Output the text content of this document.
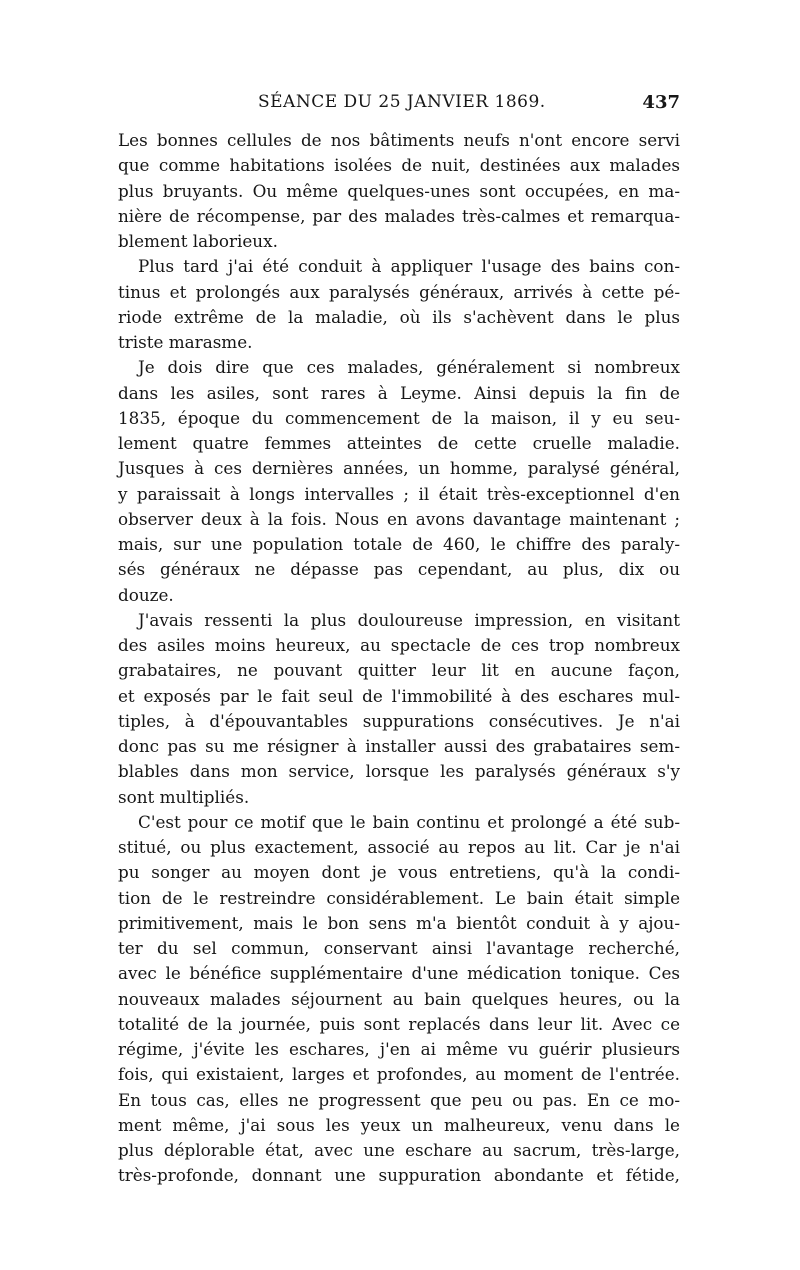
SÉANCE DU 25 JANVIER 1869.	437
Les bonnes cellules de nos bâtiments neufs n'ont encore servi
que comme habitations isolées de nuit, destinées aux malades
plus bruyants. Ou même quelques-unes sont occupées, en ma-
nière de récompense, par des malades très-calmes et remarqua-
blement laborieux.
Plus tard j'ai été conduit à appliquer l'usage des bains con-
tinus et prolongés aux paralysés généraux, arrivés à cette pé-
riode extrême de la maladie, où ils s'achèvent dans le plus
triste marasme.
Je dois dire que ces malades, généralement si nombreux
dans les asiles, sont rares à Leyme. Ainsi depuis la fin de
1835, époque du commencement de la maison, il y eu seu-
lement quatre femmes atteintes de cette cruelle maladie.
Jusques à ces dernières années, un homme, paralysé général,
y paraissait à longs intervalles ; il était très-exceptionnel d'en
observer deux à la fois. Nous en avons davantage maintenant ;
mais, sur une population totale de 460, le chiffre des paraly-
sés généraux ne dépasse pas cependant, au plus, dix ou
douze.
J'avais ressenti la plus douloureuse impression, en visitant
des asiles moins heureux, au spectacle de ces trop nombreux
grabataires, ne pouvant quitter leur lit en aucune façon,
et exposés par le fait seul de l'immobilité à des eschares mul-
tiples, à d'épouvantables suppurations consécutives. Je n'ai
donc pas su me résigner à installer aussi des grabataires sem-
blables dans mon service, lorsque les paralysés généraux s'y
sont multipliés.
C'est pour ce motif que le bain continu et prolongé a été sub-
stitué, ou plus exactement, associé au repos au lit. Car je n'ai
pu songer au moyen dont je vous entretiens, qu'à la condi-
tion de le restreindre considérablement. Le bain était simple
primitivement, mais le bon sens m'a bientôt conduit à y ajou-
ter du sel commun, conservant ainsi l'avantage recherché,
avec le bénéfice supplémentaire d'une médication tonique. Ces
nouveaux malades séjournent au bain quelques heures, ou la
totalité de la journée, puis sont replacés dans leur lit. Avec ce
régime, j'évite les eschares, j'en ai même vu guérir plusieurs
fois, qui existaient, larges et profondes, au moment de l'entrée.
En tous cas, elles ne progressent que peu ou pas. En ce mo-
ment même, j'ai sous les yeux un malheureux, venu dans le
plus déplorable état, avec une eschare au sacrum, très-large,
très-profonde, donnant une suppuration abondante et fétide,
